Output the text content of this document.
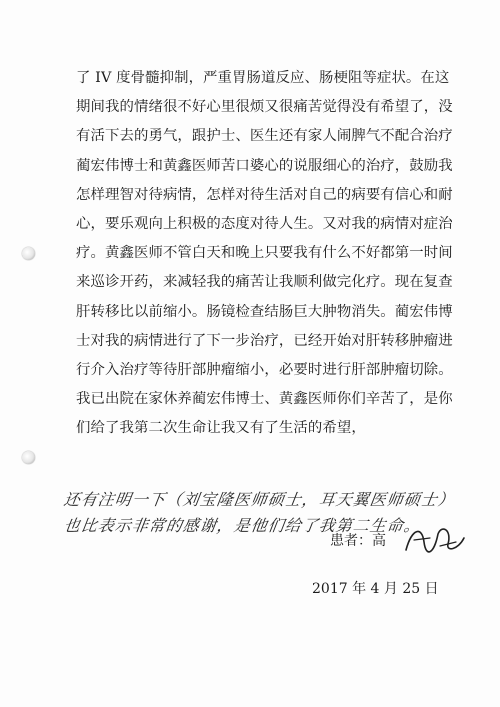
了 IV 度骨髓抑制，严重胃肠道反应、肠梗阻等症状。在这
期间我的情绪很不好心里很烦又很痛苦觉得没有希望了，没
有活下去的勇气，跟护士、医生还有家人闹脾气不配合治疗
蔺宏伟博士和黄鑫医师苦口婆心的说服细心的治疗，鼓励我
怎样理智对待病情，怎样对待生活对自己的病要有信心和耐
心，要乐观向上积极的态度对待人生。又对我的病情对症治
疗。黄鑫医师不管白天和晚上只要我有什么不好都第一时间
来巡诊开药，来减轻我的痛苦让我顺利做完化疗。现在复查
肝转移比以前缩小。肠镜检查结肠巨大肿物消失。蔺宏伟博
士对我的病情进行了下一步治疗，已经开始对肝转移肿瘤进
行介入治疗等待肝部肿瘤缩小，必要时进行肝部肿瘤切除。
我已出院在家休养蔺宏伟博士、黄鑫医师你们辛苦了，是你
们给了我第二次生命让我又有了生活的希望，
还有注明一下（刘宝隆医师硕士，耳天翼医师硕士）
也比表示非常的感谢，是他们给了我第二生命。
患者：高
2017 年 4 月 25 日
